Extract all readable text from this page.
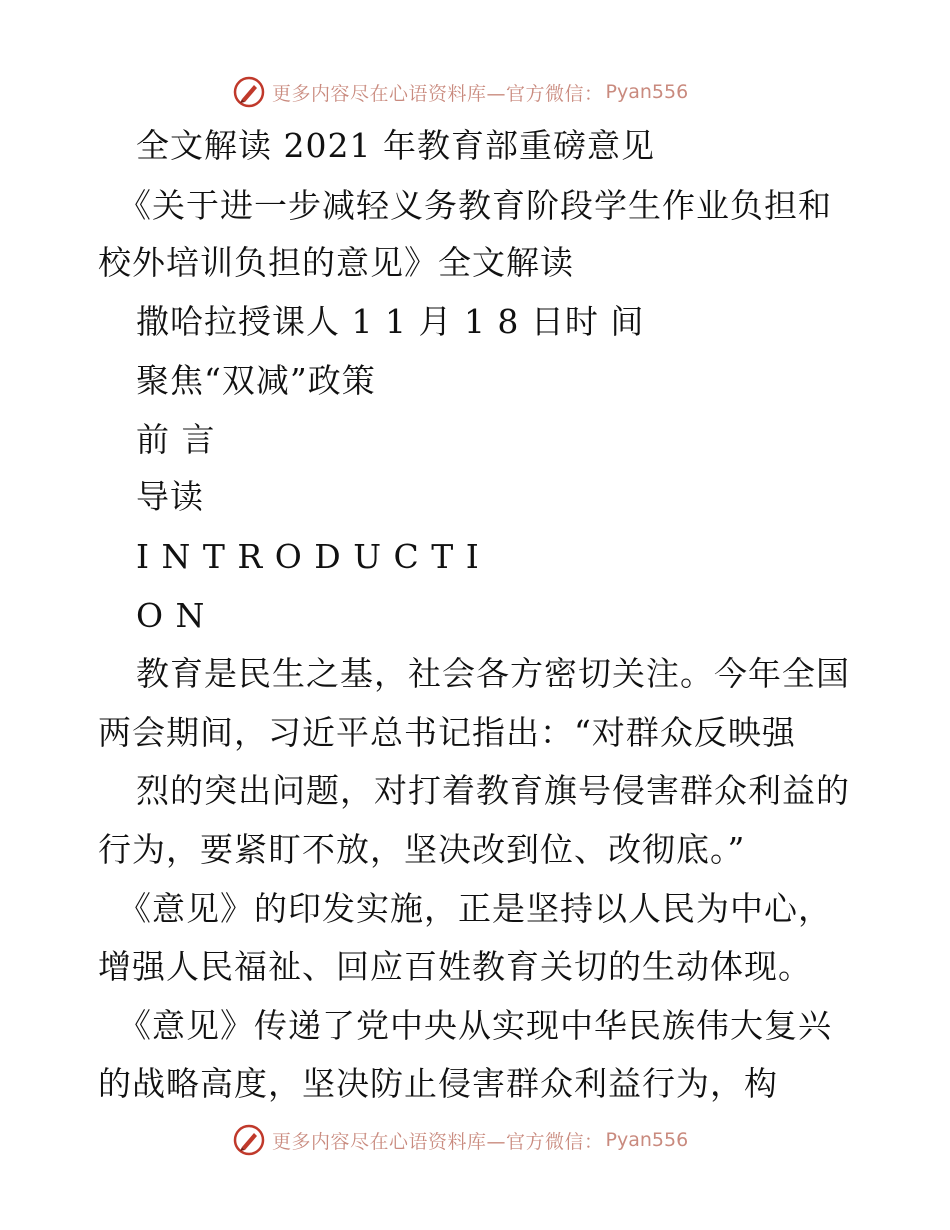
更多内容尽在心语资料库—官方微信： Pyan556
全文解读 2021 年教育部重磅意见
《关于进一步减轻义务教育阶段学生作业负担和
校外培训负担的意见》全文解读
撒哈拉授课人 1 1 月 1 8 日时 间
聚焦“双减”政策
前 言
导读
I N T R O D U C T I
O N
教育是民生之基，社会各方密切关注。今年全国
两会期间，习近平总书记指出：“对群众反映强
烈的突出问题，对打着教育旗号侵害群众利益的
行为，要紧盯不放，坚决改到位、改彻底。”
《意见》的印发实施，正是坚持以人民为中心，
增强人民福祉、回应百姓教育关切的生动体现。
《意见》传递了党中央从实现中华民族伟大复兴
的战略高度，坚决防止侵害群众利益行为，构
更多内容尽在心语资料库—官方微信： Pyan556
